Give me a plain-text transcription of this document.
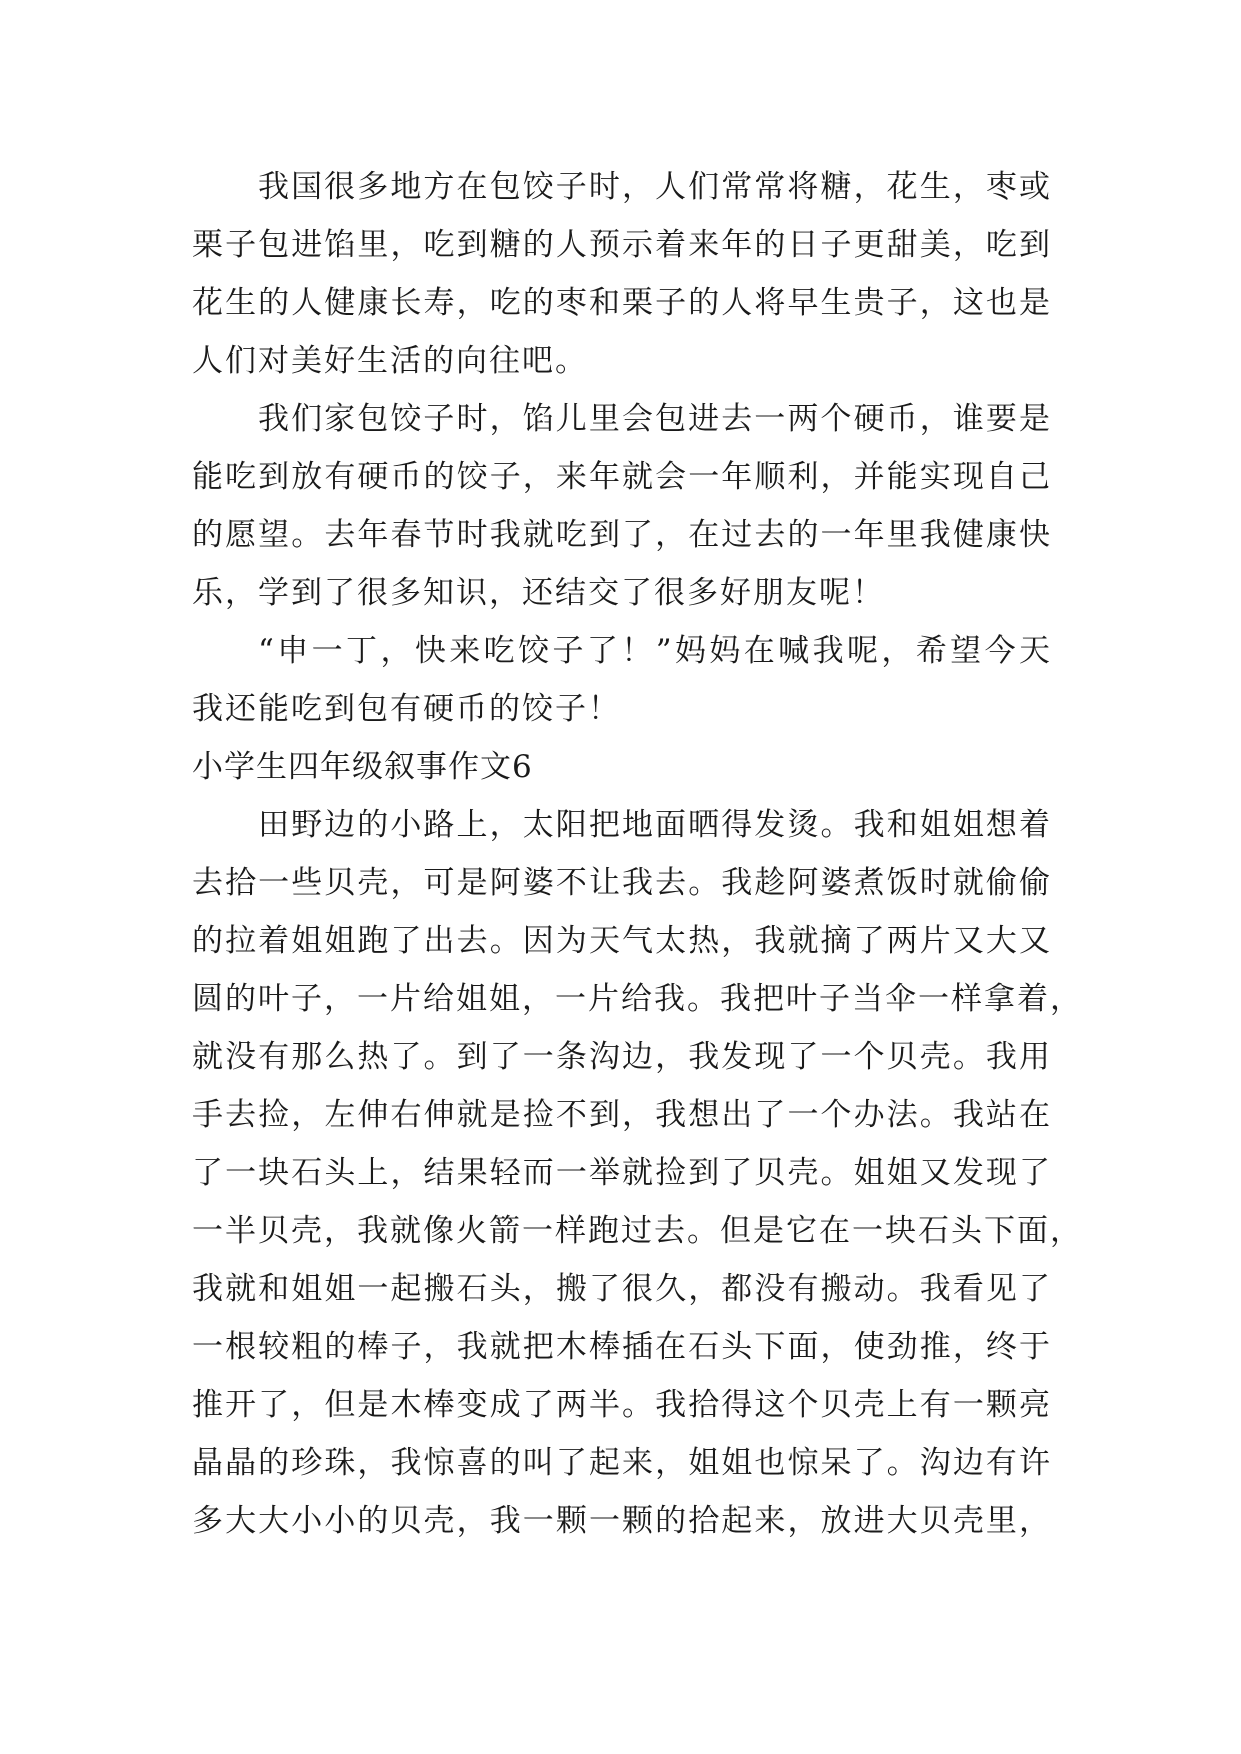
我国很多地方在包饺子时，人们常常将糖，花生，枣或
栗子包进馅里，吃到糖的人预示着来年的日子更甜美，吃到
花生的人健康长寿，吃的枣和栗子的人将早生贵子，这也是
人们对美好生活的向往吧。
我们家包饺子时，馅儿里会包进去一两个硬币，谁要是
能吃到放有硬币的饺子，来年就会一年顺利，并能实现自己
的愿望。去年春节时我就吃到了，在过去的一年里我健康快
乐，学到了很多知识，还结交了很多好朋友呢！
“申一丁，快来吃饺子了！”妈妈在喊我呢，希望今天
我还能吃到包有硬币的饺子！
小学生四年级叙事作文6
田野边的小路上，太阳把地面晒得发烫。我和姐姐想着
去拾一些贝壳，可是阿婆不让我去。我趁阿婆煮饭时就偷偷
的拉着姐姐跑了出去。因为天气太热，我就摘了两片又大又
圆的叶子，一片给姐姐，一片给我。我把叶子当伞一样拿着，
就没有那么热了。到了一条沟边，我发现了一个贝壳。我用
手去捡，左伸右伸就是捡不到，我想出了一个办法。我站在
了一块石头上，结果轻而一举就捡到了贝壳。姐姐又发现了
一半贝壳，我就像火箭一样跑过去。但是它在一块石头下面，
我就和姐姐一起搬石头，搬了很久，都没有搬动。我看见了
一根较粗的棒子，我就把木棒插在石头下面，使劲推，终于
推开了，但是木棒变成了两半。我拾得这个贝壳上有一颗亮
晶晶的珍珠，我惊喜的叫了起来，姐姐也惊呆了。沟边有许
多大大小小的贝壳，我一颗一颗的拾起来，放进大贝壳里，
